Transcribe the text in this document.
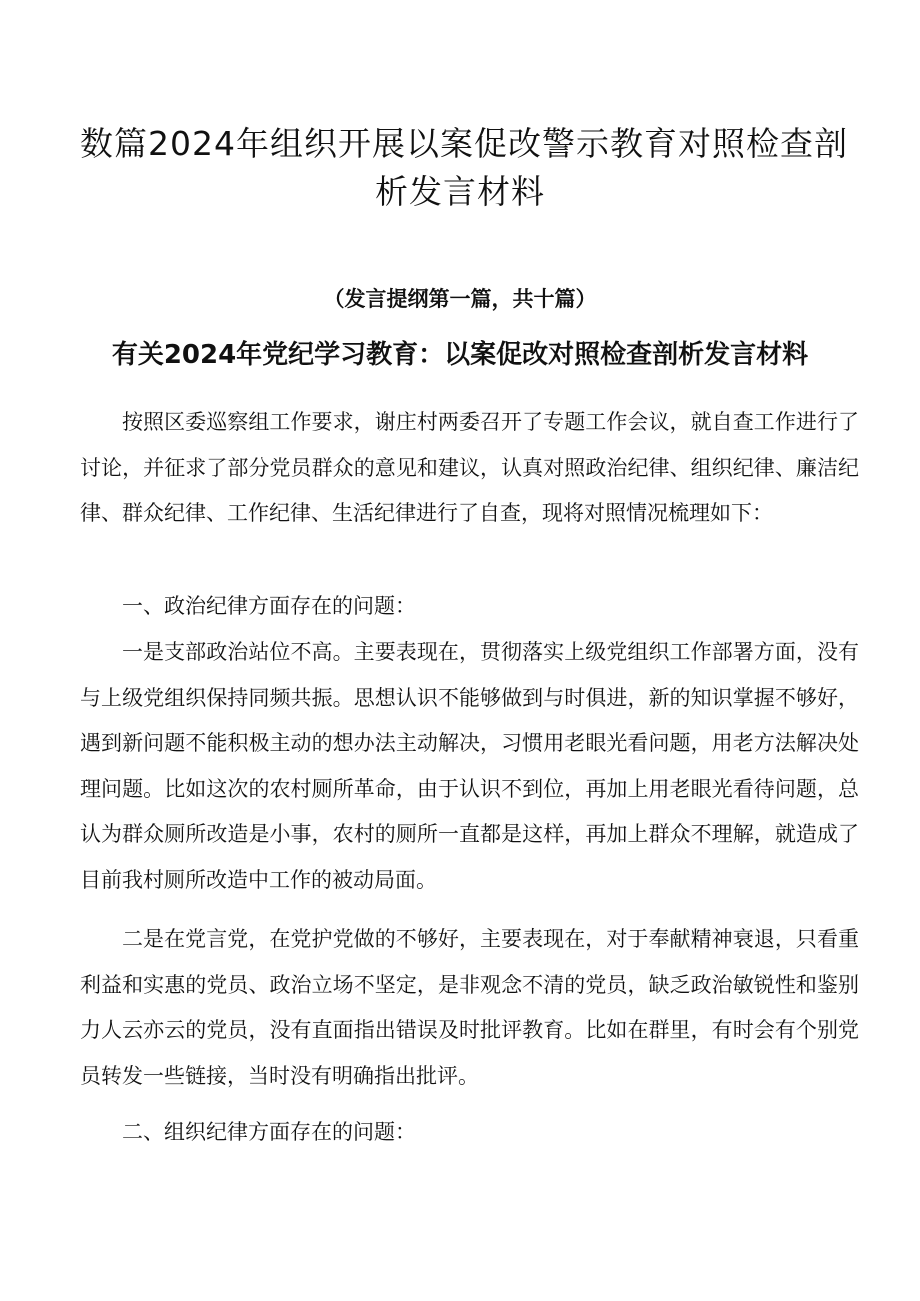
数篇2024年组织开展以案促改警示教育对照检查剖
析发言材料
（发言提纲第一篇，共十篇）
有关2024年党纪学习教育：以案促改对照检查剖析发言材料

按照区委巡察组工作要求，谢庄村两委召开了专题工作会议，就自查工作进行了讨论，并征求了部分党员群众的意见和建议，认真对照政治纪律、组织纪律、廉洁纪律、群众纪律、工作纪律、生活纪律进行了自查，现将对照情况梳理如下：

一、政治纪律方面存在的问题：

一是支部政治站位不高。主要表现在，贯彻落实上级党组织工作部署方面，没有与上级党组织保持同频共振。思想认识不能够做到与时俱进，新的知识掌握不够好，遇到新问题不能积极主动的想办法主动解决，习惯用老眼光看问题，用老方法解决处理问题。比如这次的农村厕所革命，由于认识不到位，再加上用老眼光看待问题，总认为群众厕所改造是小事，农村的厕所一直都是这样，再加上群众不理解，就造成了目前我村厕所改造中工作的被动局面。

二是在党言党，在党护党做的不够好，主要表现在，对于奉献精神衰退，只看重利益和实惠的党员、政治立场不坚定，是非观念不清的党员，缺乏政治敏锐性和鉴别力人云亦云的党员，没有直面指出错误及时批评教育。比如在群里，有时会有个别党员转发一些链接，当时没有明确指出批评。

二、组织纪律方面存在的问题：
